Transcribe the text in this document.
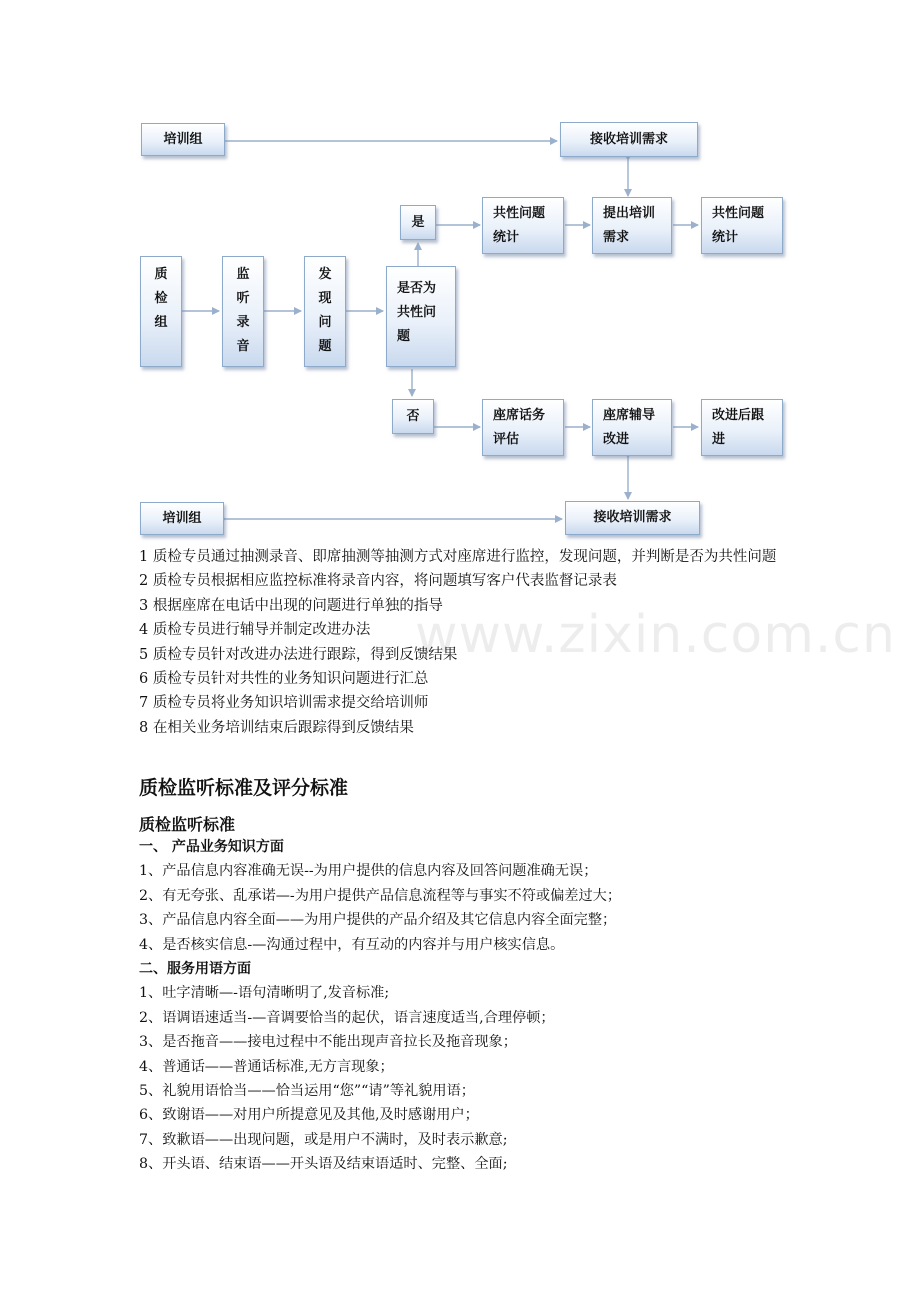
培训组	接收培训需求
质
检
组
监
听
录
音
发
现
问
题
是否为
共性问
题
是
否
共性问题
统计
提出培训
需求
共性问题
统计
座席话务
评估
座席辅导
改进
改进后跟
进
培训组	接收培训需求
www.zixin.com.cn
1 质检专员通过抽测录音、即席抽测等抽测方式对座席进行监控，发现问题，并判断是否为共性问题
2 质检专员根据相应监控标准将录音内容，将问题填写客户代表监督记录表
3 根据座席在电话中出现的问题进行单独的指导
4 质检专员进行辅导并制定改进办法
5 质检专员针对改进办法进行跟踪，得到反馈结果
6 质检专员针对共性的业务知识问题进行汇总
7 质检专员将业务知识培训需求提交给培训师
8 在相关业务培训结束后跟踪得到反馈结果
质检监听标准及评分标准
质检监听标准
一、 产品业务知识方面
1、产品信息内容准确无误--为用户提供的信息内容及回答问题准确无误；
2、有无夸张、乱承诺—-为用户提供产品信息流程等与事实不符或偏差过大；
3、产品信息内容全面——为用户提供的产品介绍及其它信息内容全面完整；
4、是否核实信息-—沟通过程中，有互动的内容并与用户核实信息。
二、服务用语方面
1、吐字清晰—-语句清晰明了,发音标准;
2、语调语速适当-—音调要恰当的起伏，语言速度适当,合理停顿；
3、是否拖音——接电过程中不能出现声音拉长及拖音现象；
4、普通话——普通话标准,无方言现象；
5、礼貌用语恰当——恰当运用“您”“请”等礼貌用语；
6、致谢语——对用户所提意见及其他,及时感谢用户；
7、致歉语——出现问题，或是用户不满时，及时表示歉意;
8、开头语、结束语——开头语及结束语适时、完整、全面;
